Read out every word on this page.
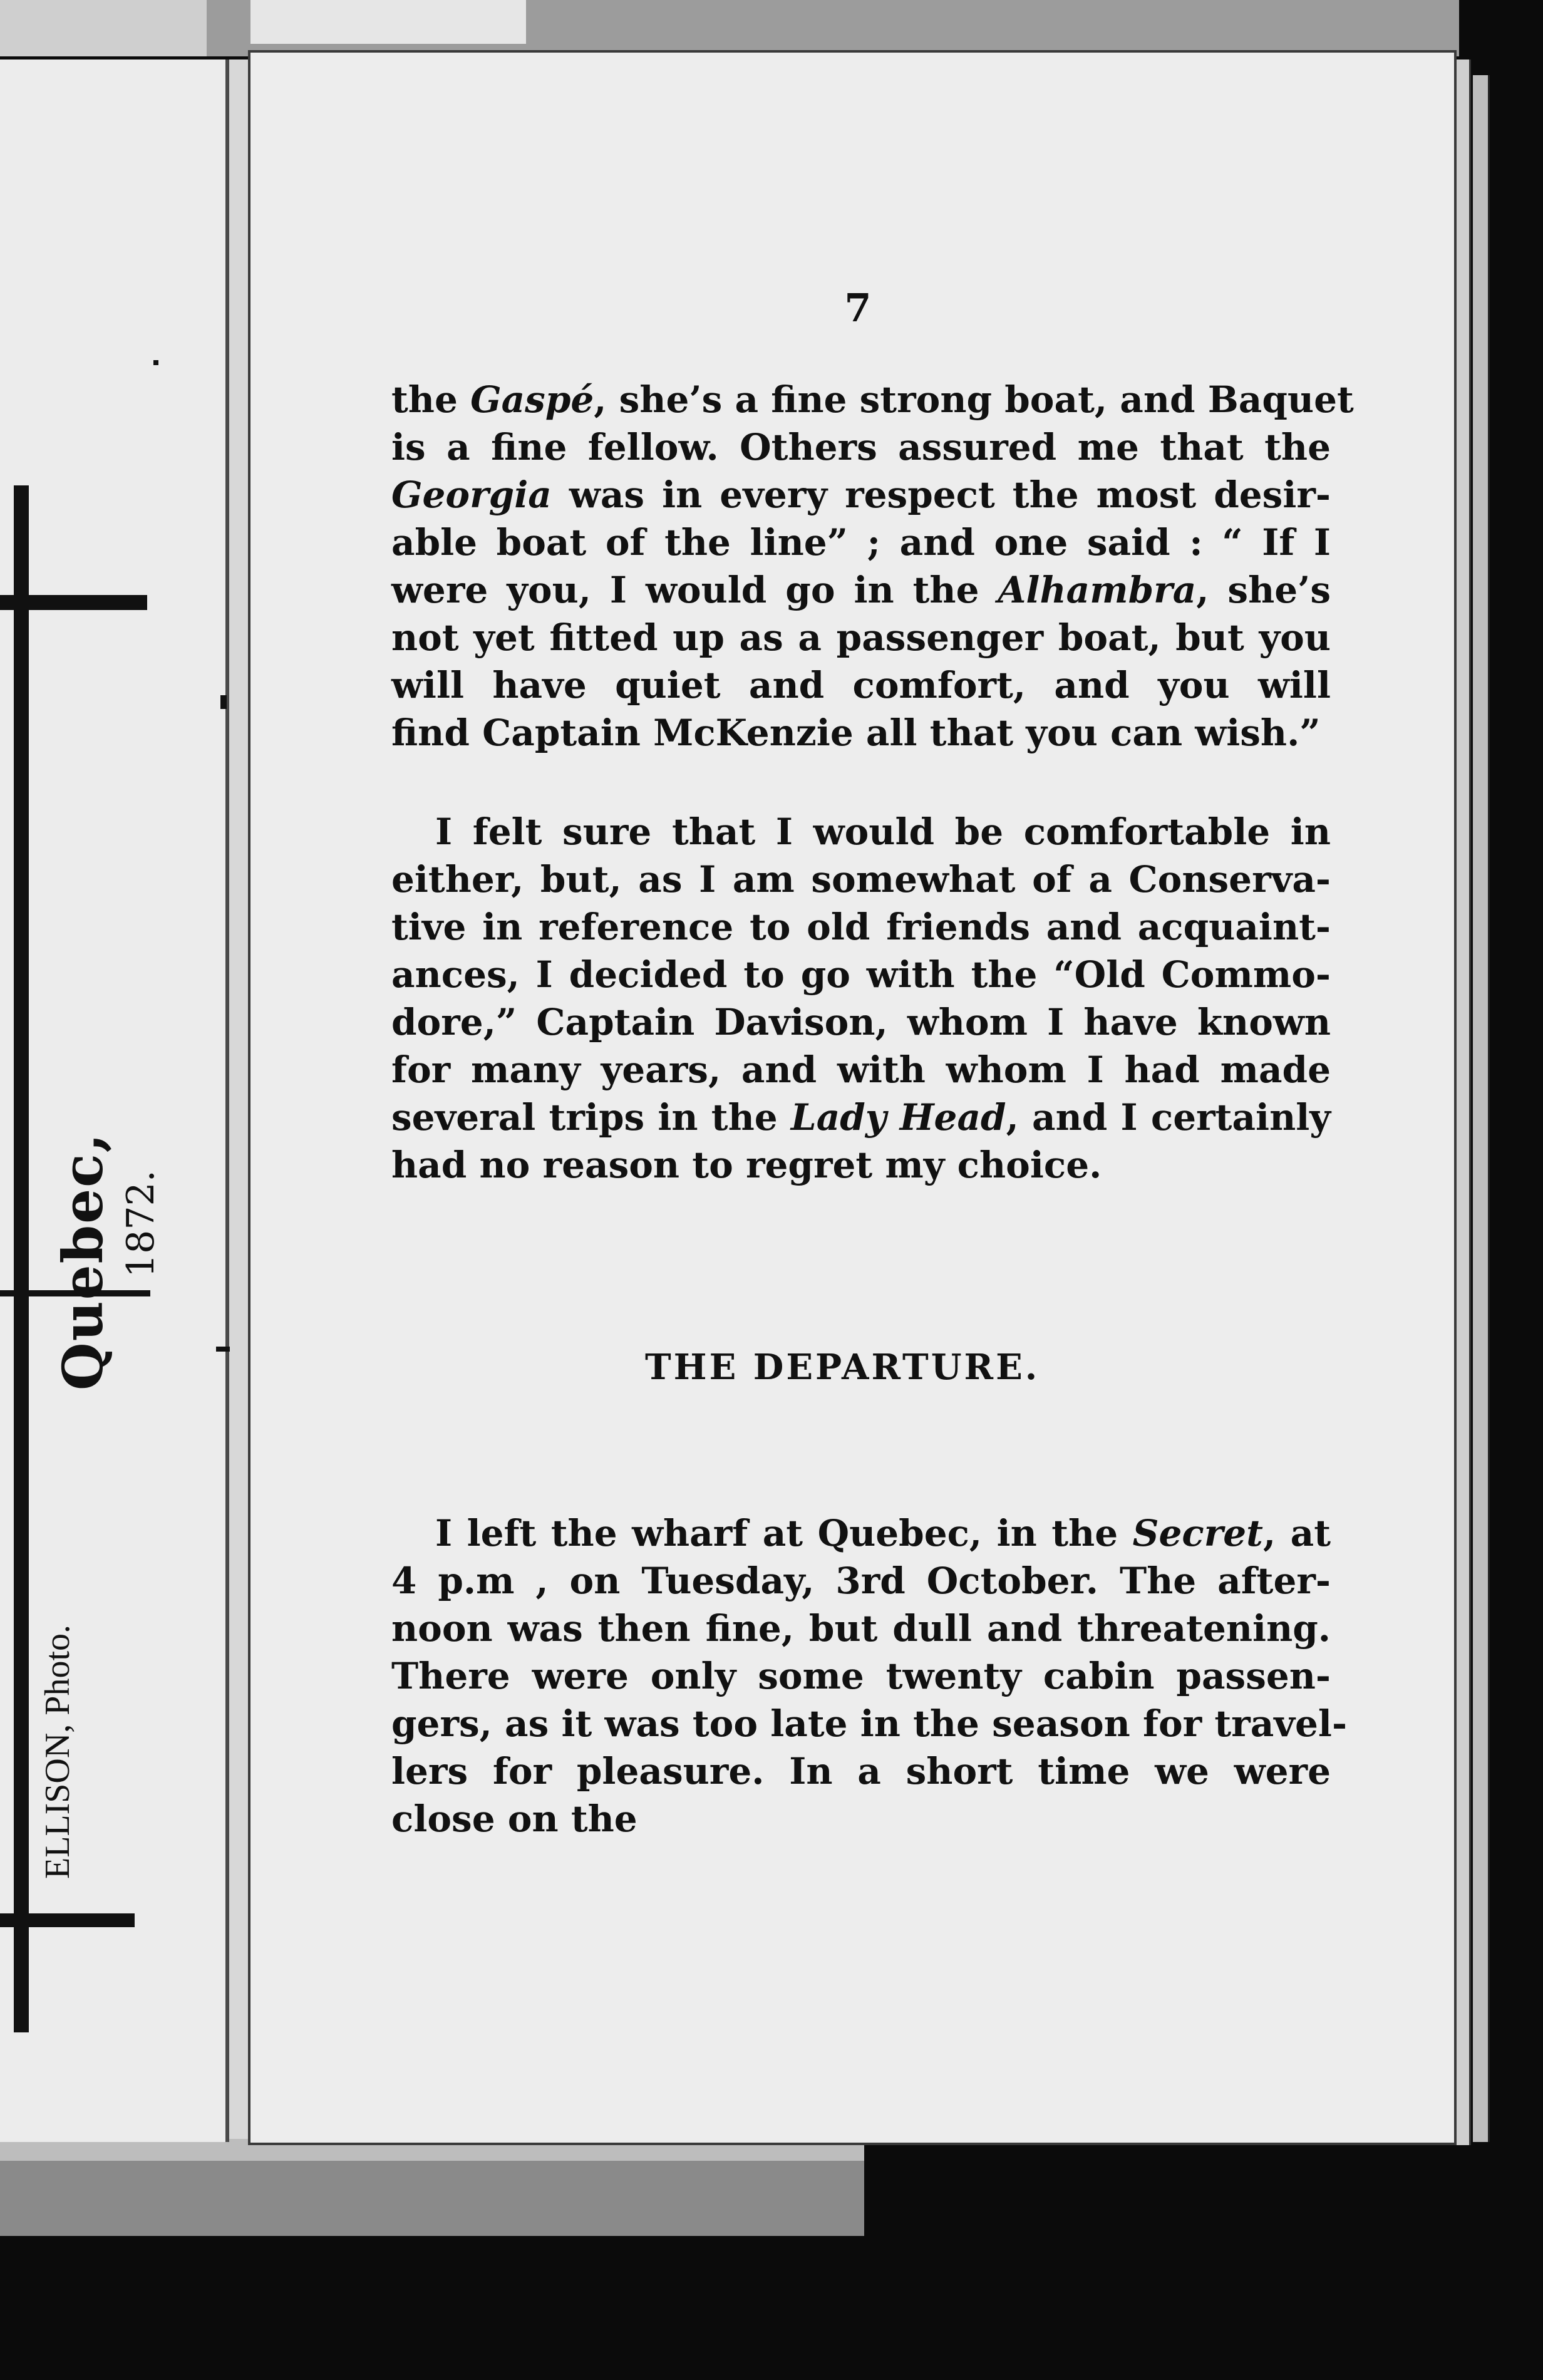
Quebec, 1872.
ELLISON, Photo.
7
the Gaspé, she’s a fine strong boat, and Baquet
is a fine fellow. Others assured me that the
Georgia was in every respect the most desir-
able boat of the line” ; and one said : “ If I
were you, I would go in the Alhambra, she’s
not yet fitted up as a passenger boat, but you
will have quiet and comfort, and you will
find Captain McKenzie all that you can wish.”
I felt sure that I would be comfortable in
either, but, as I am somewhat of a Conserva-
tive in reference to old friends and acquaint-
ances, I decided to go with the “Old Commo-
dore,” Captain Davison, whom I have known
for many years, and with whom I had made
several trips in the Lady Head, and I certainly
had no reason to regret my choice.
THE DEPARTURE.
I left the wharf at Quebec, in the Secret, at
4 p.m , on Tuesday, 3rd October. The after-
noon was then fine, but dull and threatening.
There were only some twenty cabin passen-
gers, as it was too late in the season for travel-
lers for pleasure. In a short time we were
close on the
